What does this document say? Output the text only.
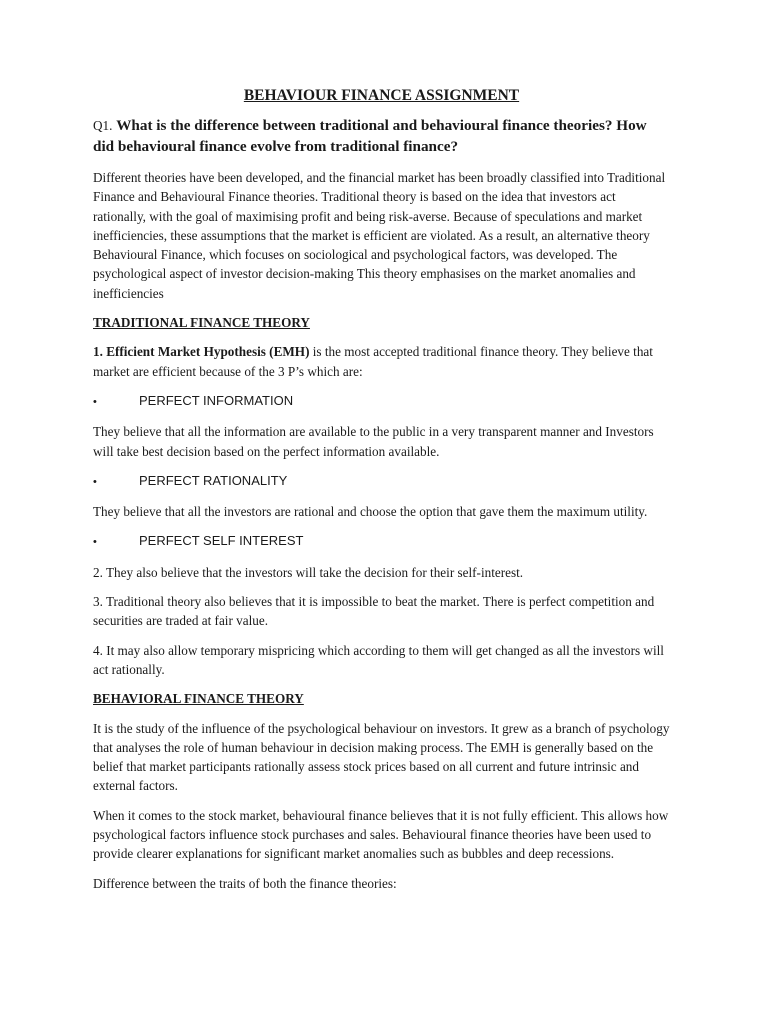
BEHAVIOUR FINANCE ASSIGNMENT
Q1. What is the difference between traditional and behavioural finance theories? How did behavioural finance evolve from traditional finance?

Different theories have been developed, and the financial market has been broadly classified into Traditional Finance and Behavioural Finance theories. Traditional theory is based on the idea that investors act rationally, with the goal of maximising profit and being risk-averse. Because of speculations and market inefficiencies, these assumptions that the market is efficient are violated. As a result, an alternative theory Behavioural Finance, which focuses on sociological and psychological factors, was developed. The psychological aspect of investor decision-making This theory emphasises on the market anomalies and inefficiencies

TRADITIONAL FINANCE THEORY

1. Efficient Market Hypothesis (EMH) is the most accepted traditional finance theory. They believe that market are efficient because of the 3 P’s which are:

•	PERFECT INFORMATION

They believe that all the information are available to the public in a very transparent manner and Investors will take best decision based on the perfect information available.

•	PERFECT RATIONALITY

They believe that all the investors are rational and choose the option that gave them the maximum utility.

•	PERFECT SELF INTEREST

2. They also believe that the investors will take the decision for their self-interest.

3. Traditional theory also believes that it is impossible to beat the market. There is perfect competition and securities are traded at fair value.

4. It may also allow temporary mispricing which according to them will get changed as all the investors will act rationally.

BEHAVIORAL FINANCE THEORY

It is the study of the influence of the psychological behaviour on investors. It grew as a branch of psychology that analyses the role of human behaviour in decision making process. The EMH is generally based on the belief that market participants rationally assess stock prices based on all current and future intrinsic and external factors.

When it comes to the stock market, behavioural finance believes that it is not fully efficient. This allows how psychological factors influence stock purchases and sales. Behavioural finance theories have been used to provide clearer explanations for significant market anomalies such as bubbles and deep recessions.

Difference between the traits of both the finance theories:
